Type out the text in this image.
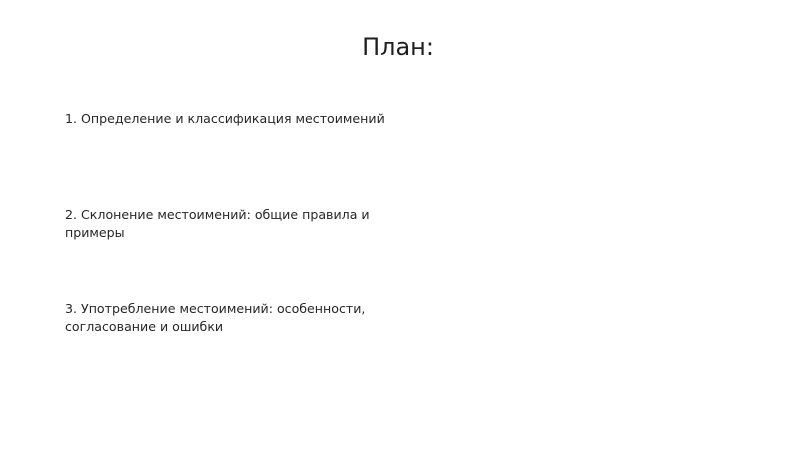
План:

1. Определение и классификация местоимений

2. Склонение местоимений: общие правила и примеры

3. Употребление местоимений: особенности, согласование и ошибки
